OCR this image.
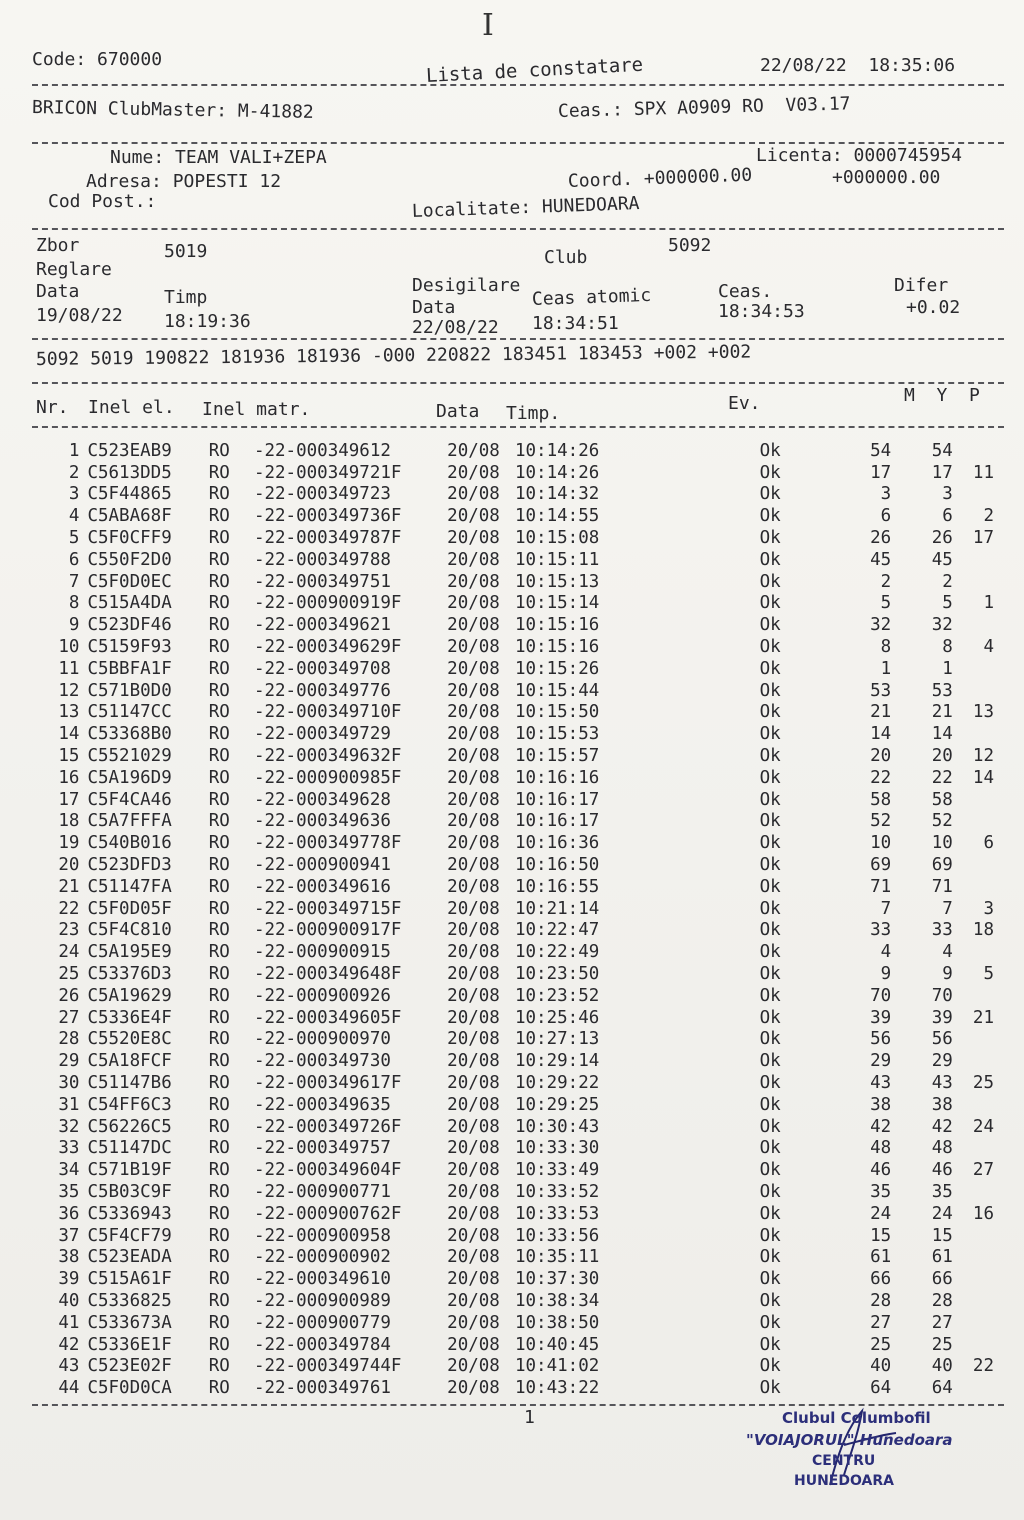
I
Code: 670000	Lista de constatare	22/08/22  18:35:06
BRICON ClubMaster: M-41882	Ceas.: SPX A0909 RO  V03.17
Nume: TEAM VALI+ZEPA	Licenta: 0000745954
Adresa: POPESTI 12	Coord. +000000.00	+000000.00
Cod Post.:	Localitate: HUNEDOARA
Zbor	5019	Club
5092
Reglare
Desigilare
Data	Timp	Ceas.	Difer
Ceas atomic
Data
19/08/22 18:19:36	18:34:53	+0.02
22/08/22 18:34:51
5092 5019 190822 181936 181936 -000 220822 183451 183453 +002 +002
Nr. Inel el. Inel matr.	Data Timp.	Ev.	M  Y  P
1	C523EAB9	RO	-22-000349612	20/08	10:14:26	Ok	54	54	
2	C5613DD5	RO	-22-000349721F	20/08	10:14:26	Ok	17	17	11
3	C5F44865	RO	-22-000349723	20/08	10:14:32	Ok	3	3	
4	C5ABA68F	RO	-22-000349736F	20/08	10:14:55	Ok	6	6	2
5	C5F0CFF9	RO	-22-000349787F	20/08	10:15:08	Ok	26	26	17
6	C550F2D0	RO	-22-000349788	20/08	10:15:11	Ok	45	45	
7	C5F0D0EC	RO	-22-000349751	20/08	10:15:13	Ok	2	2	
8	C515A4DA	RO	-22-000900919F	20/08	10:15:14	Ok	5	5	1
9	C523DF46	RO	-22-000349621	20/08	10:15:16	Ok	32	32	
10	C5159F93	RO	-22-000349629F	20/08	10:15:16	Ok	8	8	4
11	C5BBFA1F	RO	-22-000349708	20/08	10:15:26	Ok	1	1	
12	C571B0D0	RO	-22-000349776	20/08	10:15:44	Ok	53	53	
13	C51147CC	RO	-22-000349710F	20/08	10:15:50	Ok	21	21	13
14	C53368B0	RO	-22-000349729	20/08	10:15:53	Ok	14	14	
15	C5521029	RO	-22-000349632F	20/08	10:15:57	Ok	20	20	12
16	C5A196D9	RO	-22-000900985F	20/08	10:16:16	Ok	22	22	14
17	C5F4CA46	RO	-22-000349628	20/08	10:16:17	Ok	58	58	
18	C5A7FFFA	RO	-22-000349636	20/08	10:16:17	Ok	52	52	
19	C540B016	RO	-22-000349778F	20/08	10:16:36	Ok	10	10	6
20	C523DFD3	RO	-22-000900941	20/08	10:16:50	Ok	69	69	
21	C51147FA	RO	-22-000349616	20/08	10:16:55	Ok	71	71	
22	C5F0D05F	RO	-22-000349715F	20/08	10:21:14	Ok	7	7	3
23	C5F4C810	RO	-22-000900917F	20/08	10:22:47	Ok	33	33	18
24	C5A195E9	RO	-22-000900915	20/08	10:22:49	Ok	4	4	
25	C53376D3	RO	-22-000349648F	20/08	10:23:50	Ok	9	9	5
26	C5A19629	RO	-22-000900926	20/08	10:23:52	Ok	70	70	
27	C5336E4F	RO	-22-000349605F	20/08	10:25:46	Ok	39	39	21
28	C5520E8C	RO	-22-000900970	20/08	10:27:13	Ok	56	56	
29	C5A18FCF	RO	-22-000349730	20/08	10:29:14	Ok	29	29	
30	C51147B6	RO	-22-000349617F	20/08	10:29:22	Ok	43	43	25
31	C54FF6C3	RO	-22-000349635	20/08	10:29:25	Ok	38	38	
32	C56226C5	RO	-22-000349726F	20/08	10:30:43	Ok	42	42	24
33	C51147DC	RO	-22-000349757	20/08	10:33:30	Ok	48	48	
34	C571B19F	RO	-22-000349604F	20/08	10:33:49	Ok	46	46	27
35	C5B03C9F	RO	-22-000900771	20/08	10:33:52	Ok	35	35	
36	C5336943	RO	-22-000900762F	20/08	10:33:53	Ok	24	24	16
37	C5F4CF79	RO	-22-000900958	20/08	10:33:56	Ok	15	15	
38	C523EADA	RO	-22-000900902	20/08	10:35:11	Ok	61	61	
39	C515A61F	RO	-22-000349610	20/08	10:37:30	Ok	66	66	
40	C5336825	RO	-22-000900989	20/08	10:38:34	Ok	28	28	
41	C533673A	RO	-22-000900779	20/08	10:38:50	Ok	27	27	
42	C5336E1F	RO	-22-000349784	20/08	10:40:45	Ok	25	25	
43	C523E02F	RO	-22-000349744F	20/08	10:41:02	Ok	40	40	22
44	C5F0D0CA	RO	-22-000349761	20/08	10:43:22	Ok	64	64	
1	Clubul Columbofil
"VOIAJORUL" Hunedoara
CENTRU
HUNEDOARA
